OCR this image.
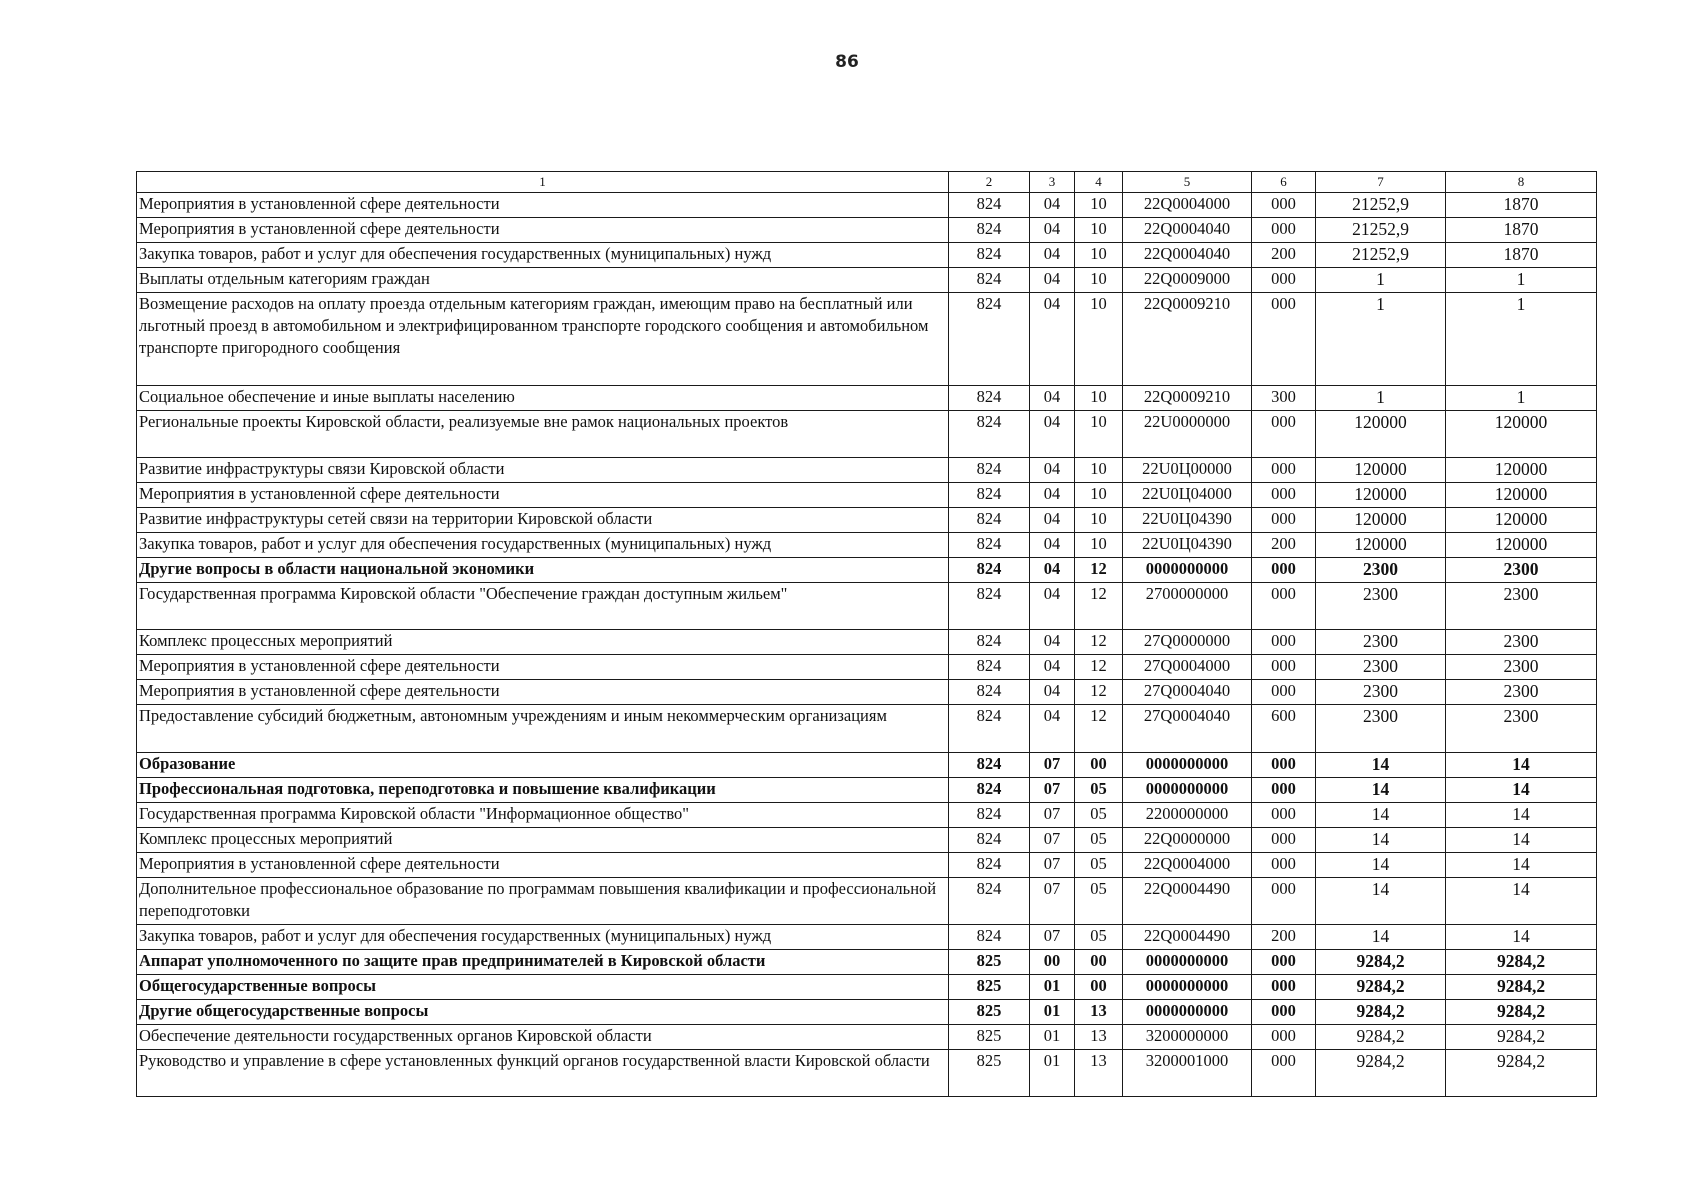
86
1	2	3	4	5	6	7	8
Мероприятия в установленной сфере деятельности	824	04	10	22Q0004000	000	21252,9	1870
Мероприятия в установленной сфере деятельности	824	04	10	22Q0004040	000	21252,9	1870
Закупка товаров, работ и услуг для обеспечения государственных (муниципальных) нужд	824	04	10	22Q0004040	200	21252,9	1870
Выплаты отдельным категориям граждан	824	04	10	22Q0009000	000	1	1
Возмещение расходов на оплату проезда отдельным категориям граждан, имеющим право на бесплатный или льготный проезд в автомобильном и электрифицированном транспорте городского сообщения и автомобильном транспорте пригородного сообщения	824	04	10	22Q0009210	000	1	1
Социальное обеспечение и иные выплаты населению	824	04	10	22Q0009210	300	1	1
Региональные проекты Кировской области, реализуемые вне рамок национальных проектов	824	04	10	22U0000000	000	120000	120000
Развитие инфраструктуры связи Кировской области	824	04	10	22U0Ц00000	000	120000	120000
Мероприятия в установленной сфере деятельности	824	04	10	22U0Ц04000	000	120000	120000
Развитие инфраструктуры сетей связи на территории Кировской области	824	04	10	22U0Ц04390	000	120000	120000
Закупка товаров, работ и услуг для обеспечения государственных (муниципальных) нужд	824	04	10	22U0Ц04390	200	120000	120000
Другие вопросы в области национальной экономики	824	04	12	0000000000	000	2300	2300
Государственная программа Кировской области "Обеспечение граждан доступным жильем"	824	04	12	2700000000	000	2300	2300
Комплекс процессных мероприятий	824	04	12	27Q0000000	000	2300	2300
Мероприятия в установленной сфере деятельности	824	04	12	27Q0004000	000	2300	2300
Мероприятия в установленной сфере деятельности	824	04	12	27Q0004040	000	2300	2300
Предоставление субсидий бюджетным, автономным учреждениям и иным некоммерческим организациям	824	04	12	27Q0004040	600	2300	2300
Образование	824	07	00	0000000000	000	14	14
Профессиональная подготовка, переподготовка и повышение квалификации	824	07	05	0000000000	000	14	14
Государственная программа Кировской области "Информационное общество"	824	07	05	2200000000	000	14	14
Комплекс процессных мероприятий	824	07	05	22Q0000000	000	14	14
Мероприятия в установленной сфере деятельности	824	07	05	22Q0004000	000	14	14
Дополнительное профессиональное образование по программам повышения квалификации и профессиональной переподготовки	824	07	05	22Q0004490	000	14	14
Закупка товаров, работ и услуг для обеспечения государственных (муниципальных) нужд	824	07	05	22Q0004490	200	14	14
Аппарат уполномоченного по защите прав предпринимателей в Кировской области	825	00	00	0000000000	000	9284,2	9284,2
Общегосударственные вопросы	825	01	00	0000000000	000	9284,2	9284,2
Другие общегосударственные вопросы	825	01	13	0000000000	000	9284,2	9284,2
Обеспечение деятельности государственных органов Кировской области	825	01	13	3200000000	000	9284,2	9284,2
Руководство и управление в сфере установленных функций органов государственной власти Кировской области	825	01	13	3200001000	000	9284,2	9284,2
